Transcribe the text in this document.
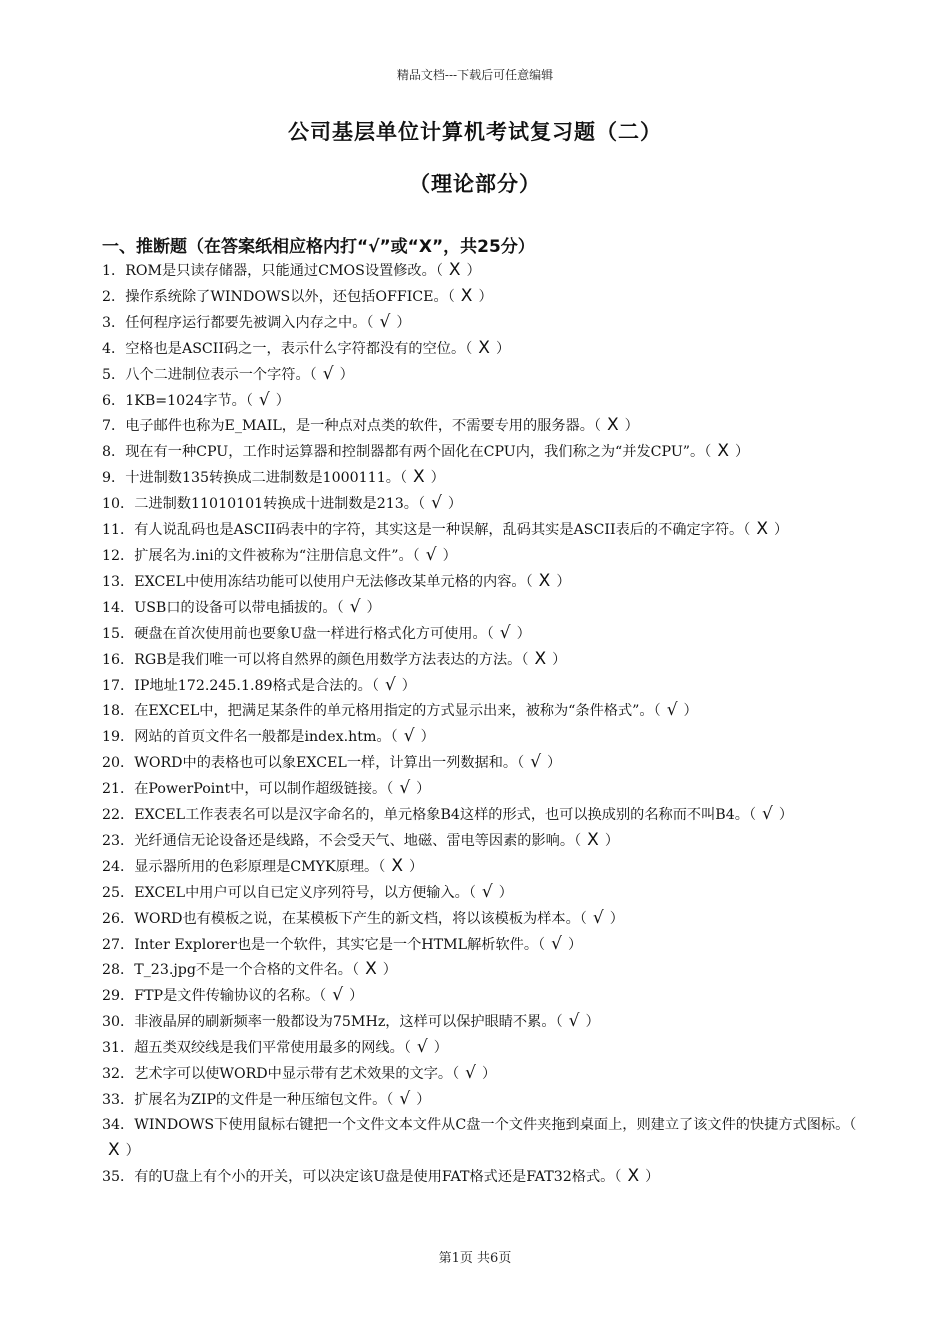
精品文档---下载后可任意编辑
公司基层单位计算机考试复习题（二）
（理论部分）
一、推断题（在答案纸相应格内打“√”或“X”，共25分）

1．ROM是只读存储器，只能通过CMOS设置修改。（ X ）

2．操作系统除了WINDOWS以外，还包括OFFICE。（ X ）

3．任何程序运行都要先被调入内存之中。（ √ ）

4．空格也是ASCII码之一，表示什么字符都没有的空位。（ X ）

5．八个二进制位表示一个字符。（ √ ）

6．1KB=1024字节。（ √ ）

7．电子邮件也称为E_MAIL，是一种点对点类的软件，不需要专用的服务器。（ X ）

8．现在有一种CPU，工作时运算器和控制器都有两个固化在CPU内，我们称之为“并发CPU”。（ X ）

9．十进制数135转换成二进制数是1000111。（ X ）

10．二进制数11010101转换成十进制数是213。（ √ ）

11．有人说乱码也是ASCII码表中的字符，其实这是一种误解，乱码其实是ASCII表后的不确定字符。（ X ）

12．扩展名为.ini的文件被称为“注册信息文件”。（ √ ）

13．EXCEL中使用冻结功能可以使用户无法修改某单元格的内容。（ X ）

14．USB口的设备可以带电插拔的。（ √ ）

15．硬盘在首次使用前也要象U盘一样进行格式化方可使用。（ √ ）

16．RGB是我们唯一可以将自然界的颜色用数学方法表达的方法。（ X ）

17．IP地址172.245.1.89格式是合法的。（ √ ）

18．在EXCEL中，把满足某条件的单元格用指定的方式显示出来，被称为“条件格式”。（ √ ）

19．网站的首页文件名一般都是index.htm。（ √ ）

20．WORD中的表格也可以象EXCEL一样，计算出一列数据和。（ √ ）

21．在PowerPoint中，可以制作超级链接。（ √ ）

22．EXCEL工作表表名可以是汉字命名的，单元格象B4这样的形式，也可以换成别的名称而不叫B4。（ √ ）

23．光纤通信无论设备还是线路，不会受天气、地磁、雷电等因素的影响。（ X ）

24．显示器所用的色彩原理是CMYK原理。（ X ）

25．EXCEL中用户可以自已定义序列符号，以方便输入。（ √ ）

26．WORD也有模板之说，在某模板下产生的新文档，将以该模板为样本。（ √ ）

27．Inter Explorer也是一个软件，其实它是一个HTML解析软件。（ √ ）

28．T_23.jpg不是一个合格的文件名。（ X ）

29．FTP是文件传输协议的名称。（ √ ）

30．非液晶屏的刷新频率一般都设为75MHz，这样可以保护眼睛不累。（ √ ）

31．超五类双绞线是我们平常使用最多的网线。（ √ ）

32．艺术字可以使WORD中显示带有艺术效果的文字。（ √ ）

33．扩展名为ZIP的文件是一种压缩包文件。（ √ ）

34．WINDOWS下使用鼠标右键把一个文件文本文件从C盘一个文件夹拖到桌面上，则建立了该文件的快捷方式图标。（X ）

35．有的U盘上有个小的开关，可以决定该U盘是使用FAT格式还是FAT32格式。（ X ）

第1页 共6页
